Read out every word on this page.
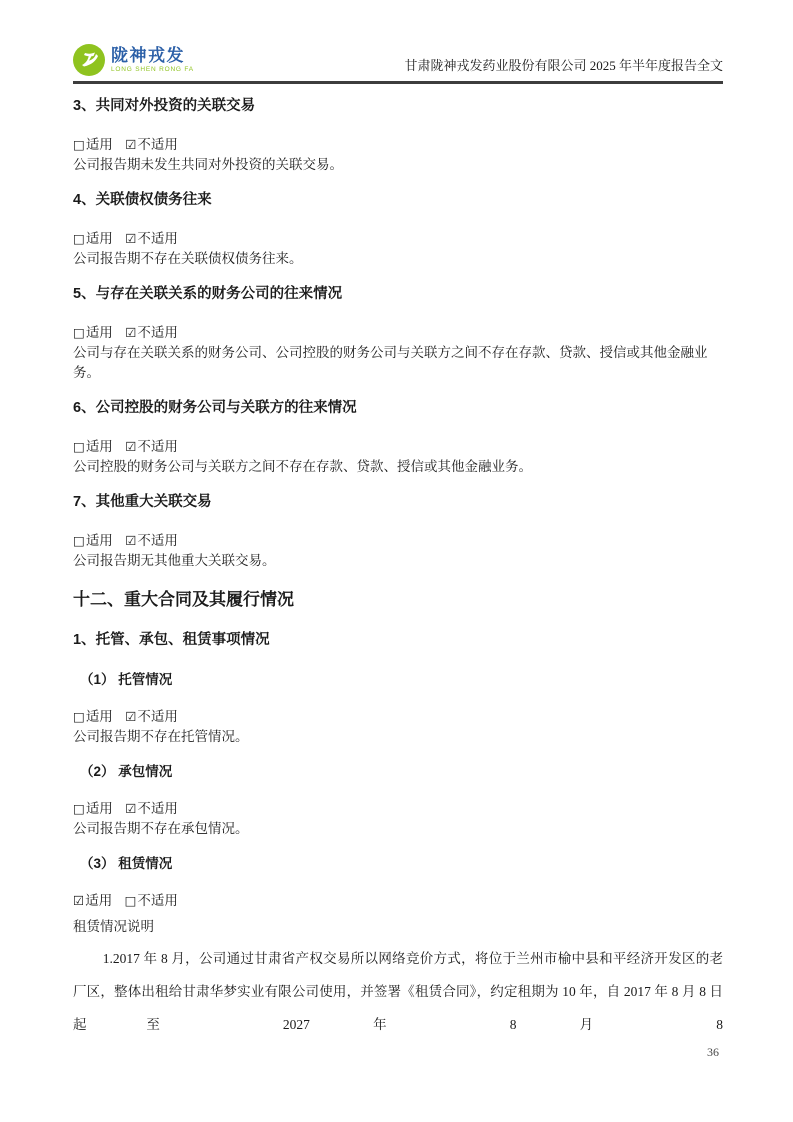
陇神戎发
LONG SHEN RONG FA	甘肃陇神戎发药业股份有限公司 2025 年半年度报告全文
3、共同对外投资的关联交易
□适用 ☑不适用
公司报告期未发生共同对外投资的关联交易。
4、关联债权债务往来
□适用 ☑不适用
公司报告期不存在关联债权债务往来。
5、与存在关联关系的财务公司的往来情况
□适用 ☑不适用
公司与存在关联关系的财务公司、公司控股的财务公司与关联方之间不存在存款、贷款、授信或其他金融业务。
6、公司控股的财务公司与关联方的往来情况
□适用 ☑不适用
公司控股的财务公司与关联方之间不存在存款、贷款、授信或其他金融业务。
7、其他重大关联交易
□适用 ☑不适用
公司报告期无其他重大关联交易。
十二、重大合同及其履行情况
1、托管、承包、租赁事项情况
（1） 托管情况
□适用 ☑不适用
公司报告期不存在托管情况。
（2） 承包情况
□适用 ☑不适用
公司报告期不存在承包情况。
（3） 租赁情况
☑适用 □不适用
租赁情况说明
1.2017 年 8 月，公司通过甘肃省产权交易所以网络竞价方式，将位于兰州市榆中县和平经济开发区的老厂区，整体出租给甘肃华梦实业有限公司使用，并签署《租赁合同》，约定租期为 10 年，自 2017 年 8 月 8 日起至 2027 年 8 月 8
36
